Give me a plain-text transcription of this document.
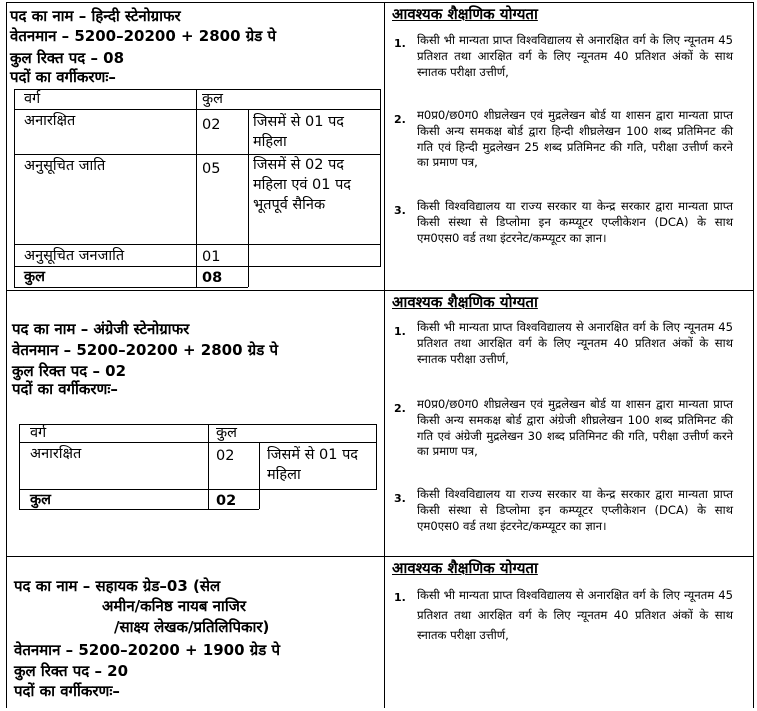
पद का नाम – हिन्दी स्टेनोग्राफर
वेतनमान – 5200–20200 + 2800 ग्रेड पे
कुल रिक्त पद – 08
पदों का वर्गीकरणः–
वर्ग	कुल
अनारक्षित	02 जिसमें से 01 पद महिला
अनुसूचित जाति	05 जिसमें से 02 पद महिला एवं 01 पद भूतपूर्व सैनिक
अनुसूचित जनजाति	01
कुल	08
आवश्यक शैक्षणिक योग्यता
1. किसी भी मान्यता प्राप्त विश्वविद्यालय से अनारक्षित वर्ग के लिए न्यूनतम 45 प्रतिशत तथा आरक्षित वर्ग के लिए न्यूनतम 40 प्रतिशत अंकों के साथ स्नातक परीक्षा उत्तीर्ण,
2. म0प्र0/छ0ग0 शीघ्रलेखन एवं मुद्रलेखन बोर्ड या शासन द्वारा मान्यता प्राप्त किसी अन्य समकक्ष बोर्ड द्वारा हिन्दी शीघ्रलेखन 100 शब्द प्रतिमिनट की गति एवं हिन्दी मुद्रलेखन 25 शब्द प्रतिमिनट की गति, परीक्षा उत्तीर्ण करने का प्रमाण पत्र,
3. किसी विश्वविद्यालय या राज्य सरकार या केन्द्र सरकार द्वारा मान्यता प्राप्त किसी संस्था से डिप्लोमा इन कम्प्यूटर एप्लीकेशन (DCA) के साथ एम0एस0 वर्ड तथा इंटरनेट/कम्प्यूटर का ज्ञान।
पद का नाम – अंग्रेजी स्टेनोग्राफर
वेतनमान – 5200–20200 + 2800 ग्रेड पे
कुल रिक्त पद – 02
पदों का वर्गीकरणः–
वर्ग	कुल
अनारक्षित	02 जिसमें से 01 पद महिला
कुल	02
आवश्यक शैक्षणिक योग्यता
1. किसी भी मान्यता प्राप्त विश्वविद्यालय से अनारक्षित वर्ग के लिए न्यूनतम 45 प्रतिशत तथा आरक्षित वर्ग के लिए न्यूनतम 40 प्रतिशत अंकों के साथ स्नातक परीक्षा उत्तीर्ण,
2. म0प्र0/छ0ग0 शीघ्रलेखन एवं मुद्रलेखन बोर्ड या शासन द्वारा मान्यता प्राप्त किसी अन्य समकक्ष बोर्ड द्वारा अंग्रेजी शीघ्रलेखन 100 शब्द प्रतिमिनट की गति एवं अंग्रेजी मुद्रलेखन 30 शब्द प्रतिमिनट की गति, परीक्षा उत्तीर्ण करने का प्रमाण पत्र,
3. किसी विश्वविद्यालय या राज्य सरकार या केन्द्र सरकार द्वारा मान्यता प्राप्त किसी संस्था से डिप्लोमा इन कम्प्यूटर एप्लीकेशन (DCA) के साथ एम0एस0 वर्ड तथा इंटरनेट/कम्प्यूटर का ज्ञान।
पद का नाम – सहायक ग्रेड–03 (सेल
अमीन/कनिष्ठ नायब नाजिर
/साक्ष्य लेखक/प्रतिलिपिकार)
वेतनमान – 5200–20200 + 1900 ग्रेड पे
कुल रिक्त पद – 20
पदों का वर्गीकरणः–
आवश्यक शैक्षणिक योग्यता
1. किसी भी मान्यता प्राप्त विश्वविद्यालय से अनारक्षित वर्ग के लिए न्यूनतम 45 प्रतिशत तथा आरक्षित वर्ग के लिए न्यूनतम 40 प्रतिशत अंकों के साथ स्नातक परीक्षा उत्तीर्ण,
